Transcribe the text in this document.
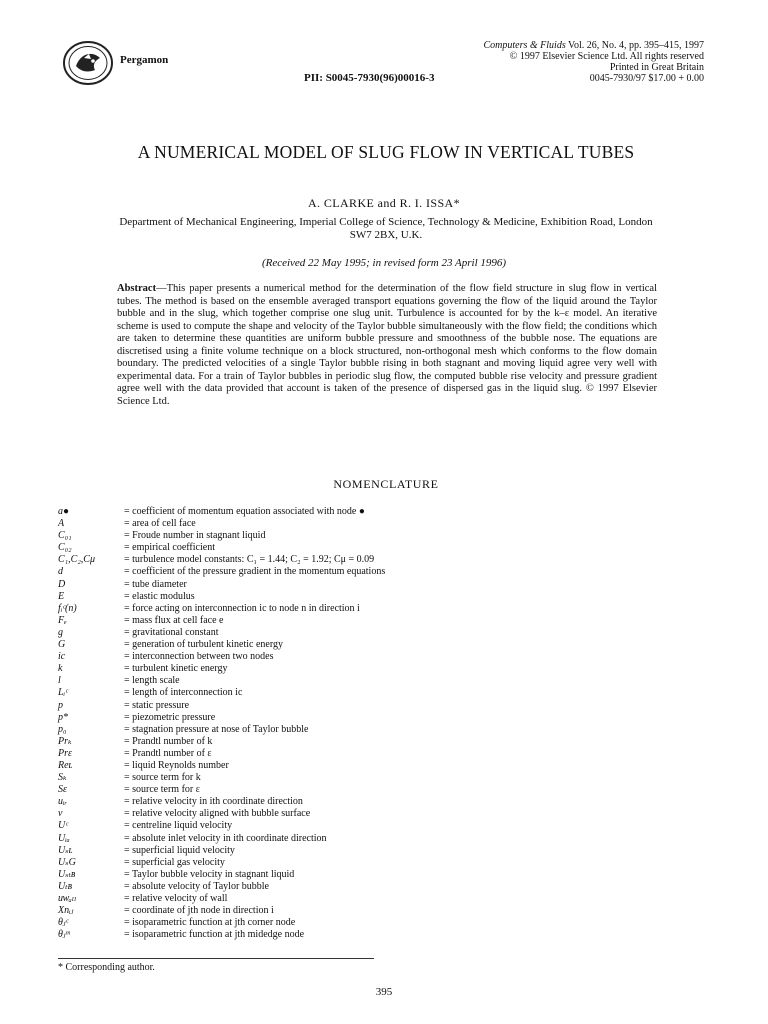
Pergamon
Computers & Fluids Vol. 26, No. 4, pp. 395–415, 1997
© 1997 Elsevier Science Ltd. All rights reserved
Printed in Great Britain
0045-7930/97 $17.00 + 0.00
PII: S0045-7930(96)00016-3
A NUMERICAL MODEL OF SLUG FLOW IN VERTICAL TUBES
A. CLARKE and R. I. ISSA*
Department of Mechanical Engineering, Imperial College of Science, Technology & Medicine, Exhibition Road, London SW7 2BX, U.K.
(Received 22 May 1995; in revised form 23 April 1996)
Abstract—This paper presents a numerical method for the determination of the flow field structure in slug flow in vertical tubes. The method is based on the ensemble averaged transport equations governing the flow of the liquid around the Taylor bubble and in the slug, which together comprise one slug unit. Turbulence is accounted for by the k–ε model. An iterative scheme is used to compute the shape and velocity of the Taylor bubble simultaneously with the flow field; the conditions which are taken to determine these quantities are uniform bubble pressure and smoothness of the bubble nose. The equations are discretised using a finite volume technique on a block structured, non-orthogonal mesh which conforms to the flow domain boundary. The predicted velocities of a single Taylor bubble rising in both stagnant and moving liquid agree very well with experimental data. For a train of Taylor bubbles in periodic slug flow, the computed bubble rise velocity and pressure gradient agree well with the data provided that account is taken of the presence of dispersed gas in the liquid slug. © 1997 Elsevier Science Ltd.
NOMENCLATURE
a●	= coefficient of momentum equation associated with node ●
A	= area of cell face
C₀₁	= Froude number in stagnant liquid
C₀₂	= empirical coefficient
C₁,C₂,Cμ	= turbulence model constants: C₁ = 1.44; C₂ = 1.92; Cμ = 0.09
d	= coefficient of the pressure gradient in the momentum equations
D	= tube diameter
E	= elastic modulus
fᵢᶜ(n)	= force acting on interconnection ic to node n in direction i
Fₑ	= mass flux at cell face e
g	= gravitational constant
G	= generation of turbulent kinetic energy
ic	= interconnection between two nodes
k	= turbulent kinetic energy
l	= length scale
Lᵢᶜ	= length of interconnection ic
p	= static pressure
p*	= piezometric pressure
p₀	= stagnation pressure at nose of Taylor bubble
Prₖ	= Prandtl number of k
Prε	= Prandtl number of ε
Reʟ	= liquid Reynolds number
Sₖ	= source term for k
Sε	= source term for ε
uᵢᵣ	= relative velocity in ith coordinate direction
v	= relative velocity aligned with bubble surface
Uᶜ	= centreline liquid velocity
Uᵢₐ	= absolute inlet velocity in ith coordinate direction
Uₛʟ	= superficial liquid velocity
UₛG	= superficial gas velocity
Uₛₜʙ	= Taylor bubble velocity in stagnant liquid
Uₜʙ	= absolute velocity of Taylor bubble
uᴡₐₗₗ	= relative velocity of wall
Xnᵢⱼ	= coordinate of jth node in direction i
θⱼᶜ	= isoparametric function at jth corner node
θⱼᵐ	= isoparametric function at jth midedge node
* Corresponding author.
395
